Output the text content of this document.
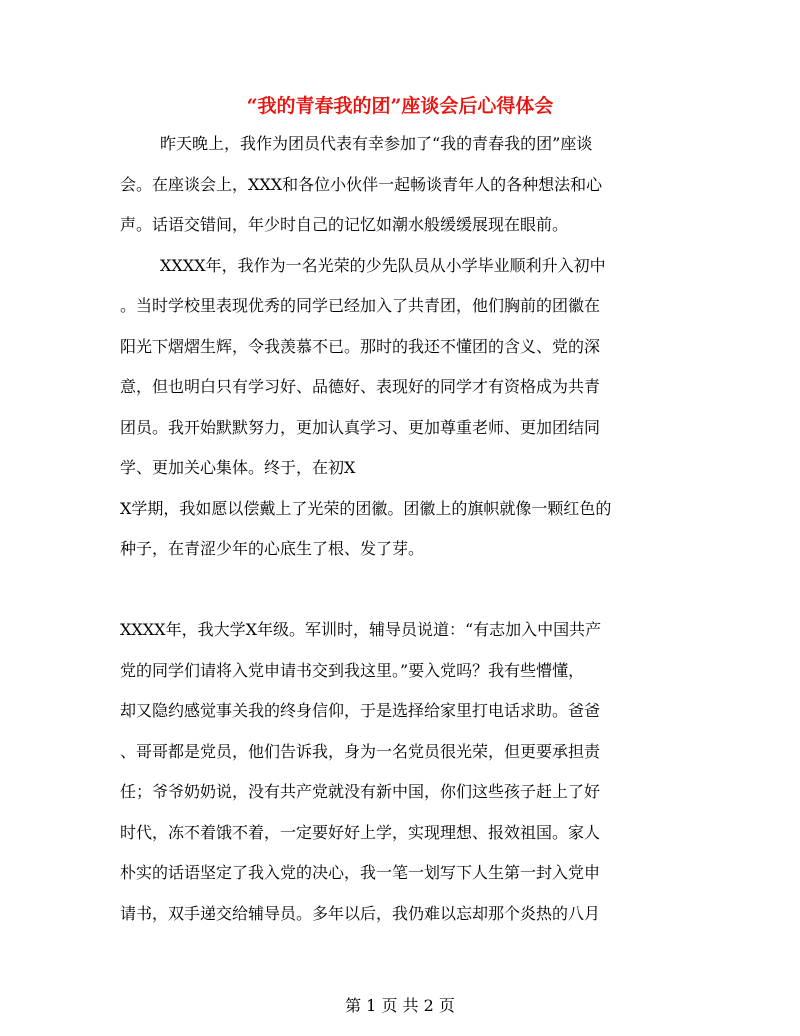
“我的青春我的团”座谈会后心得体会
昨天晚上，我作为团员代表有幸参加了“我的青春我的团”座谈
会。在座谈会上，XXX和各位小伙伴一起畅谈青年人的各种想法和心
声。话语交错间，年少时自己的记忆如潮水般缓缓展现在眼前。
XXXX年，我作为一名光荣的少先队员从小学毕业顺利升入初中
。当时学校里表现优秀的同学已经加入了共青团，他们胸前的团徽在
阳光下熠熠生辉，令我羡慕不已。那时的我还不懂团的含义、党的深
意，但也明白只有学习好、品德好、表现好的同学才有资格成为共青
团员。我开始默默努力，更加认真学习、更加尊重老师、更加团结同
学、更加关心集体。终于，在初X
X学期，我如愿以偿戴上了光荣的团徽。团徽上的旗帜就像一颗红色的
种子，在青涩少年的心底生了根、发了芽。
XXXX年，我大学X年级。军训时，辅导员说道：“有志加入中国共产
党的同学们请将入党申请书交到我这里。”要入党吗？我有些懵懂，
却又隐约感觉事关我的终身信仰，于是选择给家里打电话求助。爸爸
、哥哥都是党员，他们告诉我，身为一名党员很光荣，但更要承担责
任；爷爷奶奶说，没有共产党就没有新中国，你们这些孩子赶上了好
时代，冻不着饿不着，一定要好好上学，实现理想、报效祖国。家人
朴实的话语坚定了我入党的决心，我一笔一划写下人生第一封入党申
请书，双手递交给辅导员。多年以后，我仍难以忘却那个炎热的八月
第 1 页 共 2 页
